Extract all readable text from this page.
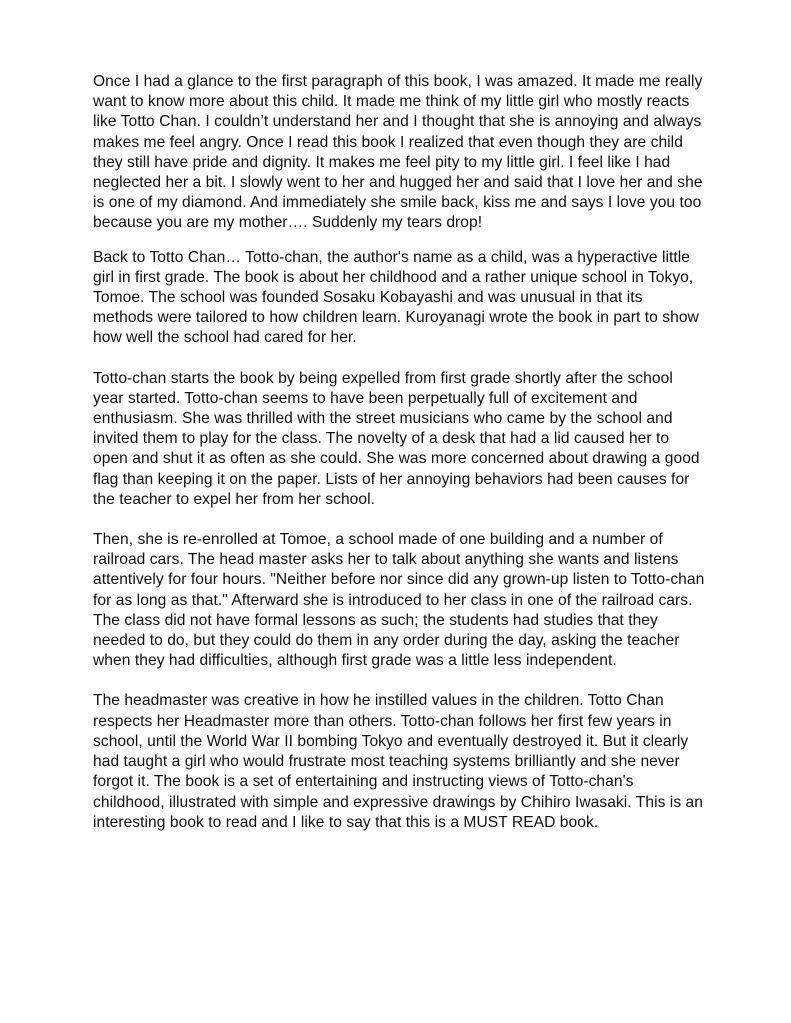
Once I had a glance to the first paragraph of this book, I was amazed. It made me really want to know more about this child. It made me think of my little girl who mostly reacts like Totto Chan. I couldn’t understand her and I thought that she is annoying and always makes me feel angry. Once I read this book I realized that even though they are child they still have pride and dignity. It makes me feel pity to my little girl. I feel like I had neglected her a bit. I slowly went to her and hugged her and said that I love her and she is one of my diamond. And immediately she smile back, kiss me and says I love you too because you are my mother…. Suddenly my tears drop!

Back to Totto Chan… Totto-chan, the author's name as a child, was a hyperactive little girl in first grade. The book is about her childhood and a rather unique school in Tokyo, Tomoe. The school was founded Sosaku Kobayashi and was unusual in that its methods were tailored to how children learn. Kuroyanagi wrote the book in part to show how well the school had cared for her.

Totto-chan starts the book by being expelled from first grade shortly after the school year started. Totto-chan seems to have been perpetually full of excitement and enthusiasm. She was thrilled with the street musicians who came by the school and invited them to play for the class. The novelty of a desk that had a lid caused her to open and shut it as often as she could. She was more concerned about drawing a good flag than keeping it on the paper. Lists of her annoying behaviors had been causes for the teacher to expel her from her school.

Then, she is re-enrolled at Tomoe, a school made of one building and a number of railroad cars. The head master asks her to talk about anything she wants and listens attentively for four hours. "Neither before nor since did any grown-up listen to Totto-chan for as long as that." Afterward she is introduced to her class in one of the railroad cars. The class did not have formal lessons as such; the students had studies that they needed to do, but they could do them in any order during the day, asking the teacher when they had difficulties, although first grade was a little less independent.

The headmaster was creative in how he instilled values in the children. Totto Chan respects her Headmaster more than others. Totto-chan follows her first few years in school, until the World War II bombing Tokyo and eventually destroyed it. But it clearly had taught a girl who would frustrate most teaching systems brilliantly and she never forgot it. The book is a set of entertaining and instructing views of Totto-chan's childhood, illustrated with simple and expressive drawings by Chihiro Iwasaki. This is an interesting book to read and I like to say that this is a MUST READ book.
